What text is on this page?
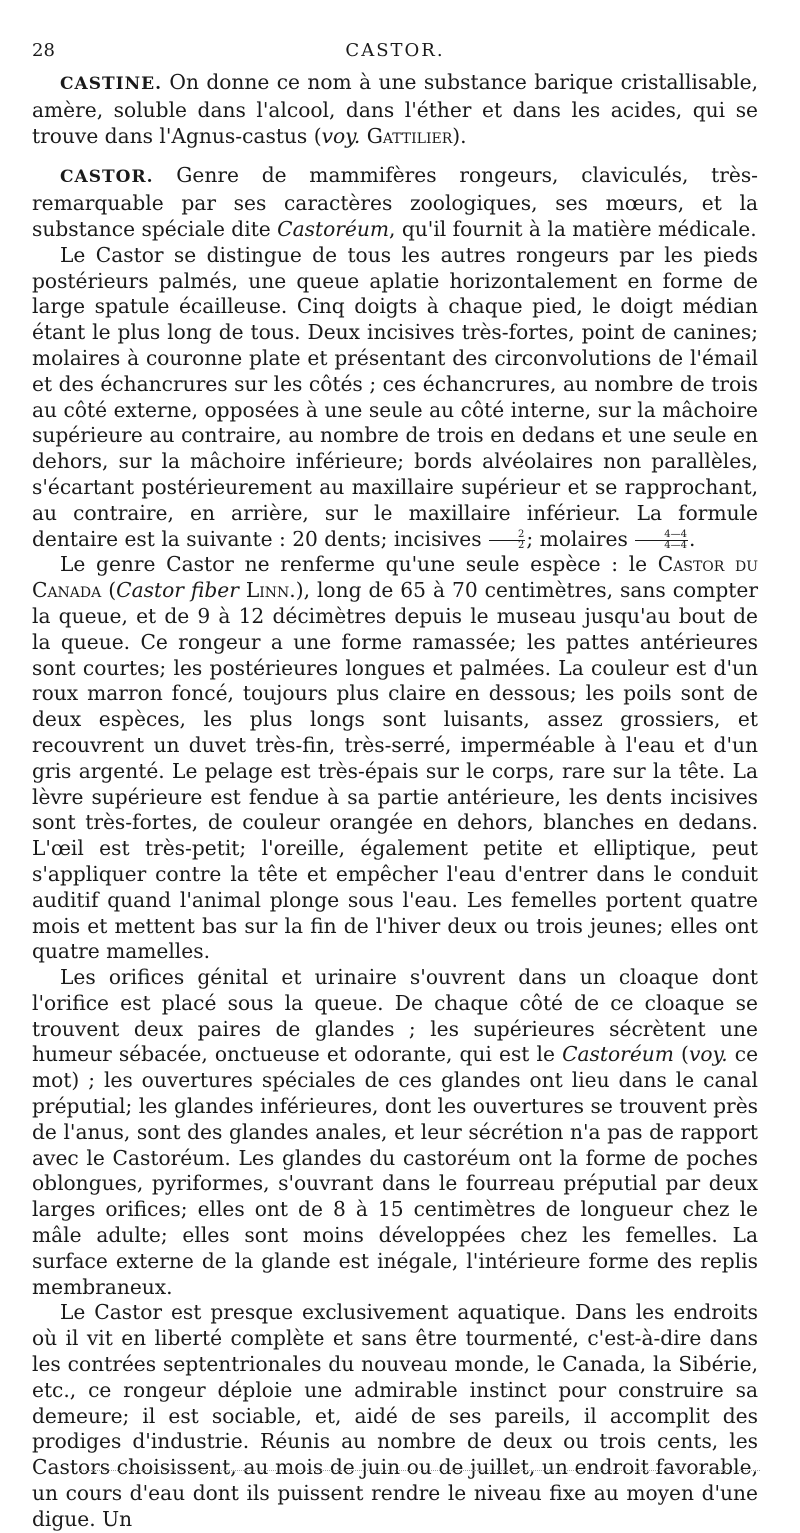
28	CASTOR.

CASTINE. On donne ce nom à une substance barique cristallisable, amère, soluble dans l'alcool, dans l'éther et dans les acides, qui se trouve dans l'Agnus-castus (voy. Gattilier).

CASTOR. Genre de mammifères rongeurs, claviculés, très-remarquable par ses caractères zoologiques, ses mœurs, et la substance spéciale dite Castoréum, qu'il fournit à la matière médicale.

Le Castor se distingue de tous les autres rongeurs par les pieds postérieurs palmés, une queue aplatie horizontalement en forme de large spatule écailleuse. Cinq doigts à chaque pied, le doigt médian étant le plus long de tous. Deux incisives très-fortes, point de canines; molaires à couronne plate et présentant des circonvolutions de l'émail et des échancrures sur les côtés ; ces échancrures, au nombre de trois au côté externe, opposées à une seule au côté interne, sur la mâchoire supérieure au contraire, au nombre de trois en dedans et une seule en dehors, sur la mâchoire inférieure; bords alvéolaires non parallèles, s'écartant postérieurement au maxillaire supérieur et se rapprochant, au contraire, en arrière, sur le maxillaire inférieur. La formule dentaire est la suivante : 20 dents; incisives $\frac{2}{2}$ ; molaires $\frac{4—4}{4—4}$ .

Le genre Castor ne renferme qu'une seule espèce : le Castor du Canada (Castor fiber Linn.), long de 65 à 70 centimètres, sans compter la queue, et de 9 à 12 décimètres depuis le museau jusqu'au bout de la queue. Ce rongeur a une forme ramassée; les pattes antérieures sont courtes; les postérieures longues et palmées. La couleur est d'un roux marron foncé, toujours plus claire en dessous; les poils sont de deux espèces, les plus longs sont luisants, assez grossiers, et recouvrent un duvet très-fin, très-serré, imperméable à l'eau et d'un gris argenté. Le pelage est très-épais sur le corps, rare sur la tête. La lèvre supérieure est fendue à sa partie antérieure, les dents incisives sont très-fortes, de couleur orangée en dehors, blanches en dedans. L'œil est très-petit; l'oreille, également petite et elliptique, peut s'appliquer contre la tête et empêcher l'eau d'entrer dans le conduit auditif quand l'animal plonge sous l'eau. Les femelles portent quatre mois et mettent bas sur la fin de l'hiver deux ou trois jeunes; elles ont quatre mamelles.

Les orifices génital et urinaire s'ouvrent dans un cloaque dont l'orifice est placé sous la queue. De chaque côté de ce cloaque se trouvent deux paires de glandes ; les supérieures sécrètent une humeur sébacée, onctueuse et odorante, qui est le Castoréum (voy. ce mot) ; les ouvertures spéciales de ces glandes ont lieu dans le canal préputial; les glandes inférieures, dont les ouvertures se trouvent près de l'anus, sont des glandes anales, et leur sécrétion n'a pas de rapport avec le Castoréum. Les glandes du castoréum ont la forme de poches oblongues, pyriformes, s'ouvrant dans le fourreau préputial par deux larges orifices; elles ont de 8 à 15 centimètres de longueur chez le mâle adulte; elles sont moins développées chez les femelles. La surface externe de la glande est inégale, l'intérieure forme des replis membraneux.

Le Castor est presque exclusivement aquatique. Dans les endroits où il vit en liberté complète et sans être tourmenté, c'est-à-dire dans les contrées septentrionales du nouveau monde, le Canada, la Sibérie, etc., ce rongeur déploie une admirable instinct pour construire sa demeure; il est sociable, et, aidé de ses pareils, il accomplit des prodiges d'industrie. Réunis au nombre de deux ou trois cents, les Castors choisissent, au mois de juin ou de juillet, un endroit favorable, un cours d'eau dont ils puissent rendre le niveau fixe au moyen d'une digue. Un
